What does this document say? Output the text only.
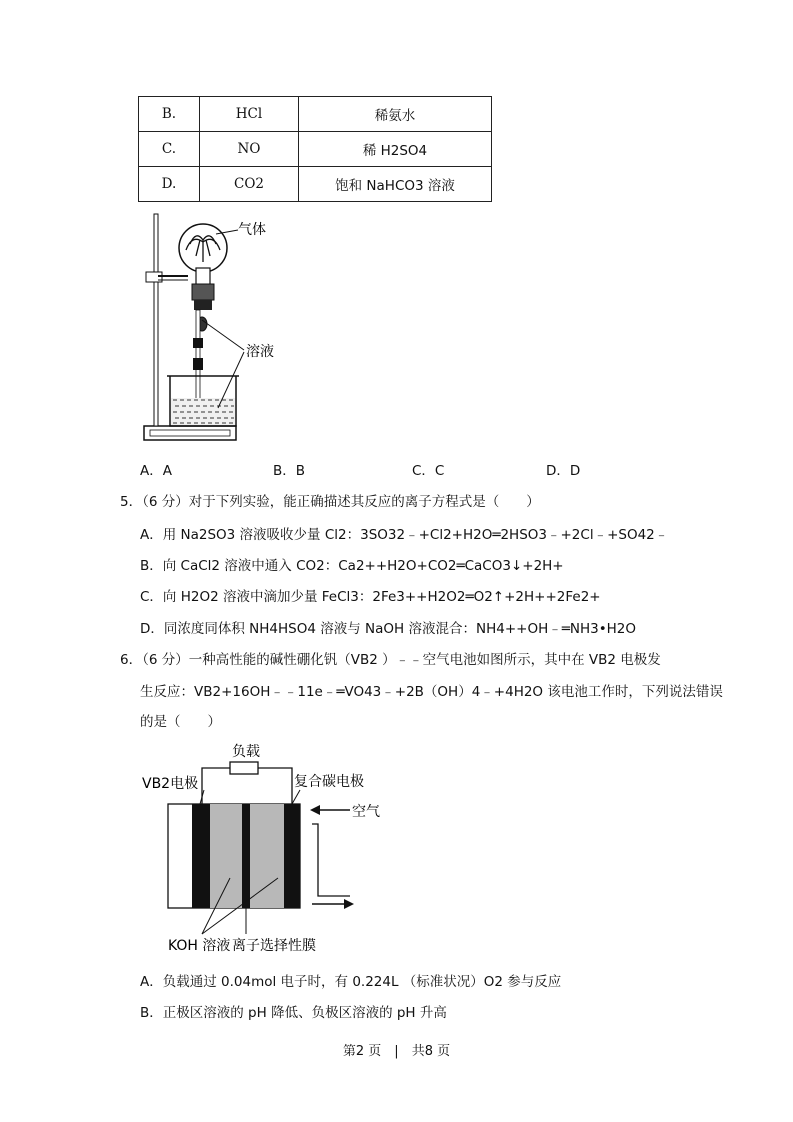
B.	HCl	稀氨水
C.	NO	稀 H2SO4
D.	CO2	饱和 NaHCO3 溶液
气体
溶液
A．A	B．B	C．C	D．D
5．（6 分）对于下列实验，能正确描述其反应的离子方程式是（　　）
A．用 Na2SO3 溶液吸收少量 Cl2：3SO32﹣+Cl2+H2O═2HSO3﹣+2Cl﹣+SO42﹣
B．向 CaCl2 溶液中通入 CO2：Ca2++H2O+CO2═CaCO3↓+2H+
C．向 H2O2 溶液中滴加少量 FeCl3：2Fe3++H2O2═O2↑+2H++2Fe2+
D．同浓度同体积 NH4HSO4 溶液与 NaOH 溶液混合：NH4++OH﹣═NH3•H2O
6．（6 分）一种高性能的碱性硼化钒（VB2 ）﹣﹣空气电池如图所示，其中在 VB2 电极发
生反应：VB2+16OH﹣﹣11e﹣═VO43﹣+2B（OH）4﹣+4H2O 该电池工作时，下列说法错误
的是（　　）
负载
VB2电极	复合碳电极
空气
KOH 溶液 离子选择性膜
A．负载通过 0.04mol 电子时，有 0.224L （标准状况）O2 参与反应
B．正极区溶液的 pH 降低、负极区溶液的 pH 升高
第2 页　|　共8 页
